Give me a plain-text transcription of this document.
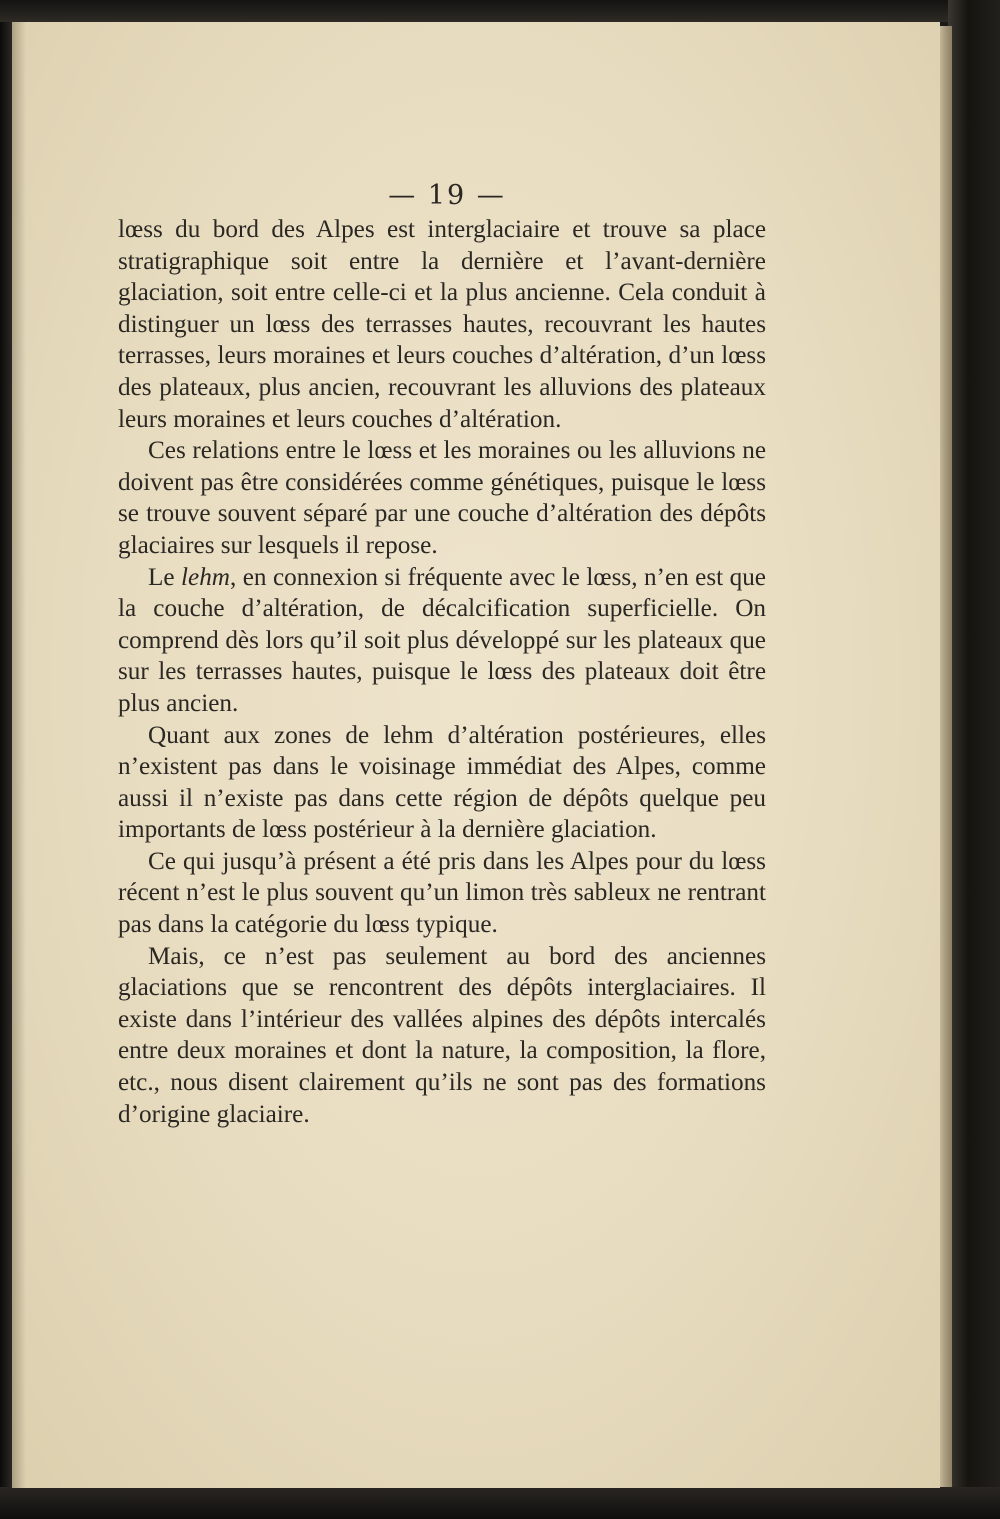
— 19 —

lœss du bord des Alpes est interglaciaire et trouve sa place stratigraphique soit entre la dernière et l’avant-dernière glaciation, soit entre celle-ci et la plus ancienne. Cela conduit à distinguer un lœss des terrasses hautes, recouvrant les hautes terrasses, leurs moraines et leurs couches d’altération, d’un lœss des plateaux, plus ancien, recouvrant les alluvions des plateaux leurs moraines et leurs couches d’altération.

Ces relations entre le lœss et les moraines ou les alluvions ne doivent pas être considérées comme génétiques, puisque le lœss se trouve souvent séparé par une couche d’altération des dépôts glaciaires sur lesquels il repose.

Le lehm, en connexion si fréquente avec le lœss, n’en est que la couche d’altération, de décalcification superficielle. On comprend dès lors qu’il soit plus développé sur les plateaux que sur les terrasses hautes, puisque le lœss des plateaux doit être plus ancien.

Quant aux zones de lehm d’altération postérieures, elles n’existent pas dans le voisinage immédiat des Alpes, comme aussi il n’existe pas dans cette région de dépôts quelque peu importants de lœss postérieur à la dernière glaciation.

Ce qui jusqu’à présent a été pris dans les Alpes pour du lœss récent n’est le plus souvent qu’un limon très sableux ne rentrant pas dans la catégorie du lœss typique.

Mais, ce n’est pas seulement au bord des anciennes glaciations que se rencontrent des dépôts interglaciaires. Il existe dans l’intérieur des vallées alpines des dépôts intercalés entre deux moraines et dont la nature, la composition, la flore, etc., nous disent clairement qu’ils ne sont pas des formations d’origine glaciaire.
